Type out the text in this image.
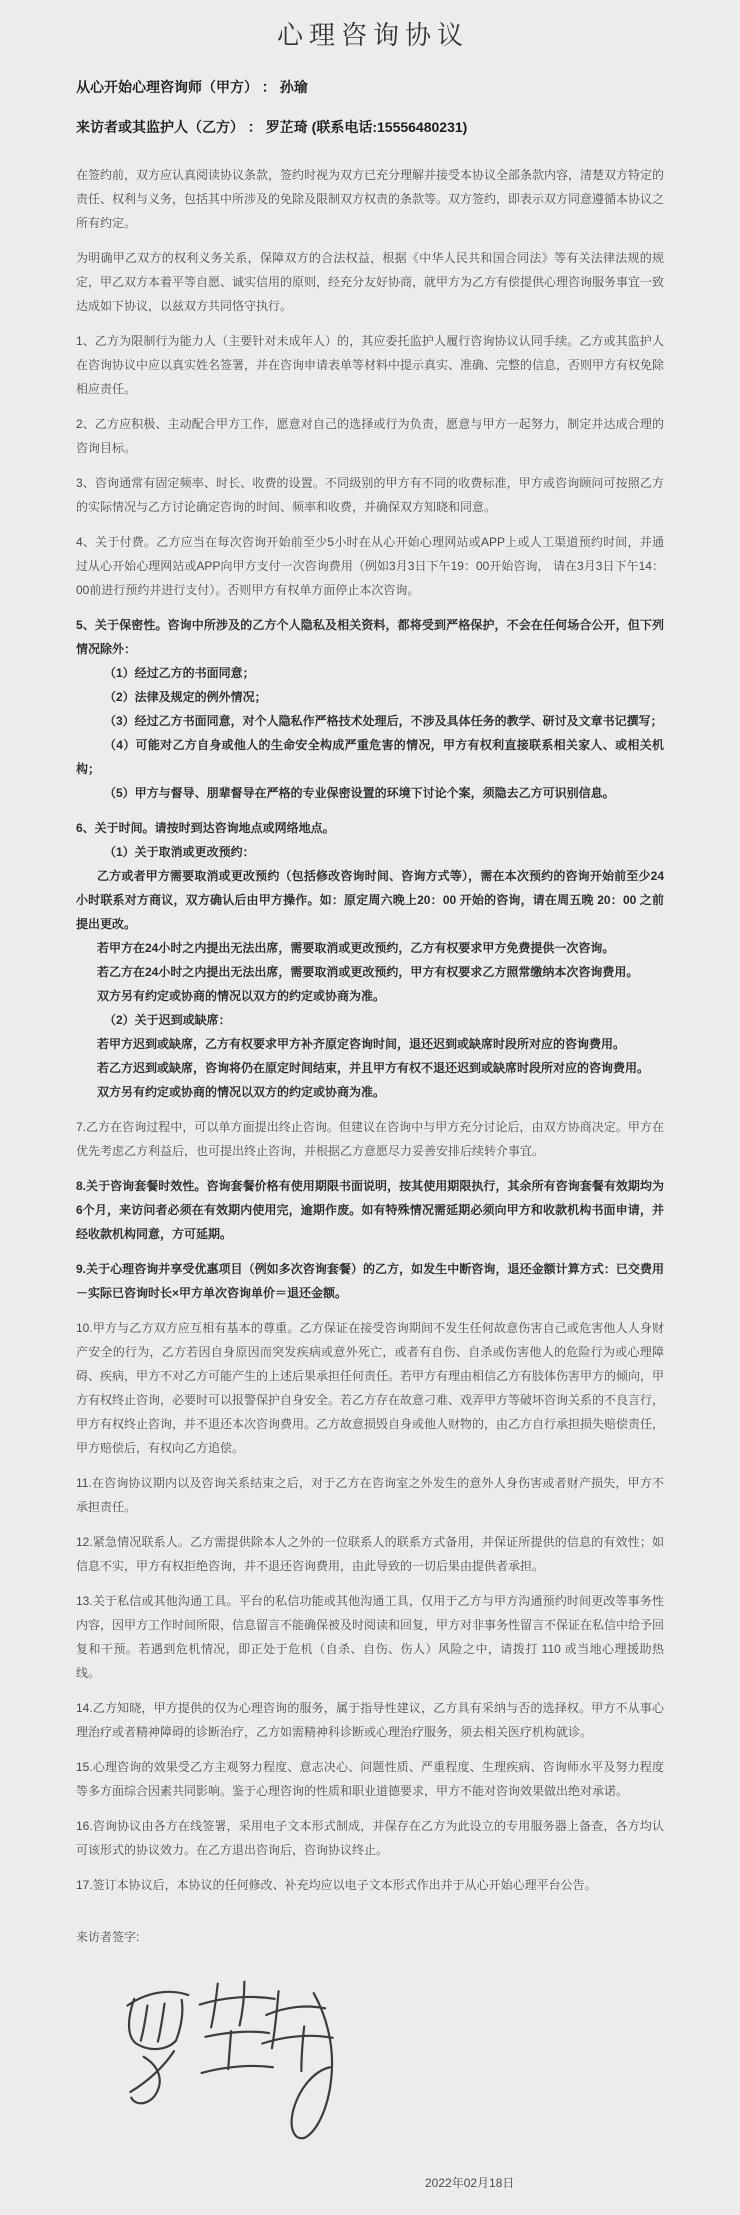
心理咨询协议

从心开始心理咨询师（甲方） ： 孙瑜

来访者或其监护人（乙方） ： 罗芷琦 (联系电话:15556480231)

在签约前，双方应认真阅读协议条款，签约时视为双方已充分理解并接受本协议全部条款内容，清楚双方特定的责任、权利与义务，包括其中所涉及的免除及限制双方权责的条款等。双方签约，即表示双方同意遵循本协议之所有约定。

为明确甲乙双方的权利义务关系，保障双方的合法权益，根据《中华人民共和国合同法》等有关法律法规的规定，甲乙双方本着平等自愿、诚实信用的原则，经充分友好协商，就甲方为乙方有偿提供心理咨询服务事宜一致达成如下协议，以兹双方共同恪守执行。

1、乙方为限制行为能力人（主要针对未成年人）的，其应委托监护人履行咨询协议认同手续。乙方或其监护人在咨询协议中应以真实姓名签署，并在咨询申请表单等材料中提示真实、准确、完整的信息，否则甲方有权免除相应责任。

2、乙方应积极、主动配合甲方工作，愿意对自己的选择或行为负责，愿意与甲方一起努力，制定并达成合理的咨询目标。

3、咨询通常有固定频率、时长、收费的设置。不同级别的甲方有不同的收费标准，甲方或咨询顾问可按照乙方的实际情况与乙方讨论确定咨询的时间、频率和收费，并确保双方知晓和同意。

4、关于付费。乙方应当在每次咨询开始前至少5小时在从心开始心理网站或APP上或人工渠道预约时间，并通过从心开始心理网站或APP向甲方支付一次咨询费用（例如3月3日下午19：00开始咨询， 请在3月3日下午14：00前进行预约并进行支付）。否则甲方有权单方面停止本次咨询。

5、关于保密性。咨询中所涉及的乙方个人隐私及相关资料，都将受到严格保护，不会在任何场合公开，但下列情况除外：

（1）经过乙方的书面同意；

（2）法律及规定的例外情况；

（3）经过乙方书面同意，对个人隐私作严格技术处理后，不涉及具体任务的教学、研讨及文章书记撰写；

（4）可能对乙方自身或他人的生命安全构成严重危害的情况，甲方有权利直接联系相关家人、或相关机构；

（5）甲方与督导、朋辈督导在严格的专业保密设置的环境下讨论个案，须隐去乙方可识别信息。

6、关于时间。请按时到达咨询地点或网络地点。

（1）关于取消或更改预约：

乙方或者甲方需要取消或更改预约（包括修改咨询时间、咨询方式等），需在本次预约的咨询开始前至少24小时联系对方商议，双方确认后由甲方操作。如：原定周六晚上20：00 开始的咨询，请在周五晚 20：00 之前提出更改。

若甲方在24小时之内提出无法出席，需要取消或更改预约，乙方有权要求甲方免费提供一次咨询。

若乙方在24小时之内提出无法出席，需要取消或更改预约，甲方有权要求乙方照常缴纳本次咨询费用。

双方另有约定或协商的情况以双方的约定或协商为准。

（2）关于迟到或缺席：

若甲方迟到或缺席，乙方有权要求甲方补齐原定咨询时间，退还迟到或缺席时段所对应的咨询费用。

若乙方迟到或缺席，咨询将仍在原定时间结束，并且甲方有权不退还迟到或缺席时段所对应的咨询费用。

双方另有约定或协商的情况以双方的约定或协商为准。

7.乙方在咨询过程中，可以单方面提出终止咨询。但建议在咨询中与甲方充分讨论后，由双方协商决定。甲方在优先考虑乙方利益后，也可提出终止咨询，并根据乙方意愿尽力妥善安排后续转介事宜。

8.关于咨询套餐时效性。咨询套餐价格有使用期限书面说明，按其使用期限执行，其余所有咨询套餐有效期均为6个月，来访问者必须在有效期内使用完，逾期作废。如有特殊情况需延期必须向甲方和收款机构书面申请，并经收款机构同意，方可延期。

9.关于心理咨询并享受优惠项目（例如多次咨询套餐）的乙方，如发生中断咨询，退还金额计算方式：已交费用－实际已咨询时长×甲方单次咨询单价＝退还金额。

10.甲方与乙方双方应互相有基本的尊重。乙方保证在接受咨询期间不发生任何故意伤害自己或危害他人人身财产安全的行为，乙方若因自身原因而突发疾病或意外死亡，或者有自伤、自杀或伤害他人的危险行为或心理障碍、疾病，甲方不对乙方可能产生的上述后果承担任何责任。若甲方有理由相信乙方有肢体伤害甲方的倾向，甲方有权终止咨询，必要时可以报警保护自身安全。若乙方存在故意刁难、戏弄甲方等破坏咨询关系的不良言行，甲方有权终止咨询，并不退还本次咨询费用。乙方故意损毁自身或他人财物的，由乙方自行承担损失赔偿责任，甲方赔偿后，有权向乙方追偿。

11.在咨询协议期内以及咨询关系结束之后，对于乙方在咨询室之外发生的意外人身伤害或者财产损失，甲方不承担责任。

12.紧急情况联系人。乙方需提供除本人之外的一位联系人的联系方式备用，并保证所提供的信息的有效性；如信息不实，甲方有权拒绝咨询，并不退还咨询费用，由此导致的一切后果由提供者承担。

13.关于私信或其他沟通工具。平台的私信功能或其他沟通工具，仅用于乙方与甲方沟通预约时间更改等事务性内容，因甲方工作时间所限，信息留言不能确保被及时阅读和回复，甲方对非事务性留言不保证在私信中给予回复和干预。若遇到危机情况，即正处于危机（自杀、自伤、伤人）风险之中，请拨打 110 或当地心理援助热线。

14.乙方知晓，甲方提供的仅为心理咨询的服务，属于指导性建议，乙方具有采纳与否的选择权。甲方不从事心理治疗或者精神障碍的诊断治疗，乙方如需精神科诊断或心理治疗服务，须去相关医疗机构就诊。

15.心理咨询的效果受乙方主观努力程度、意志决心、问题性质、严重程度、生理疾病、咨询师水平及努力程度等多方面综合因素共同影响。鉴于心理咨询的性质和职业道德要求，甲方不能对咨询效果做出绝对承诺。

16.咨询协议由各方在线签署，采用电子文本形式制成，并保存在乙方为此设立的专用服务器上备查，各方均认可该形式的协议效力。在乙方退出咨询后，咨询协议终止。

17.签订本协议后，本协议的任何修改、补充均应以电子文本形式作出并于从心开始心理平台公告。

来访者签字:

2022年02月18日
